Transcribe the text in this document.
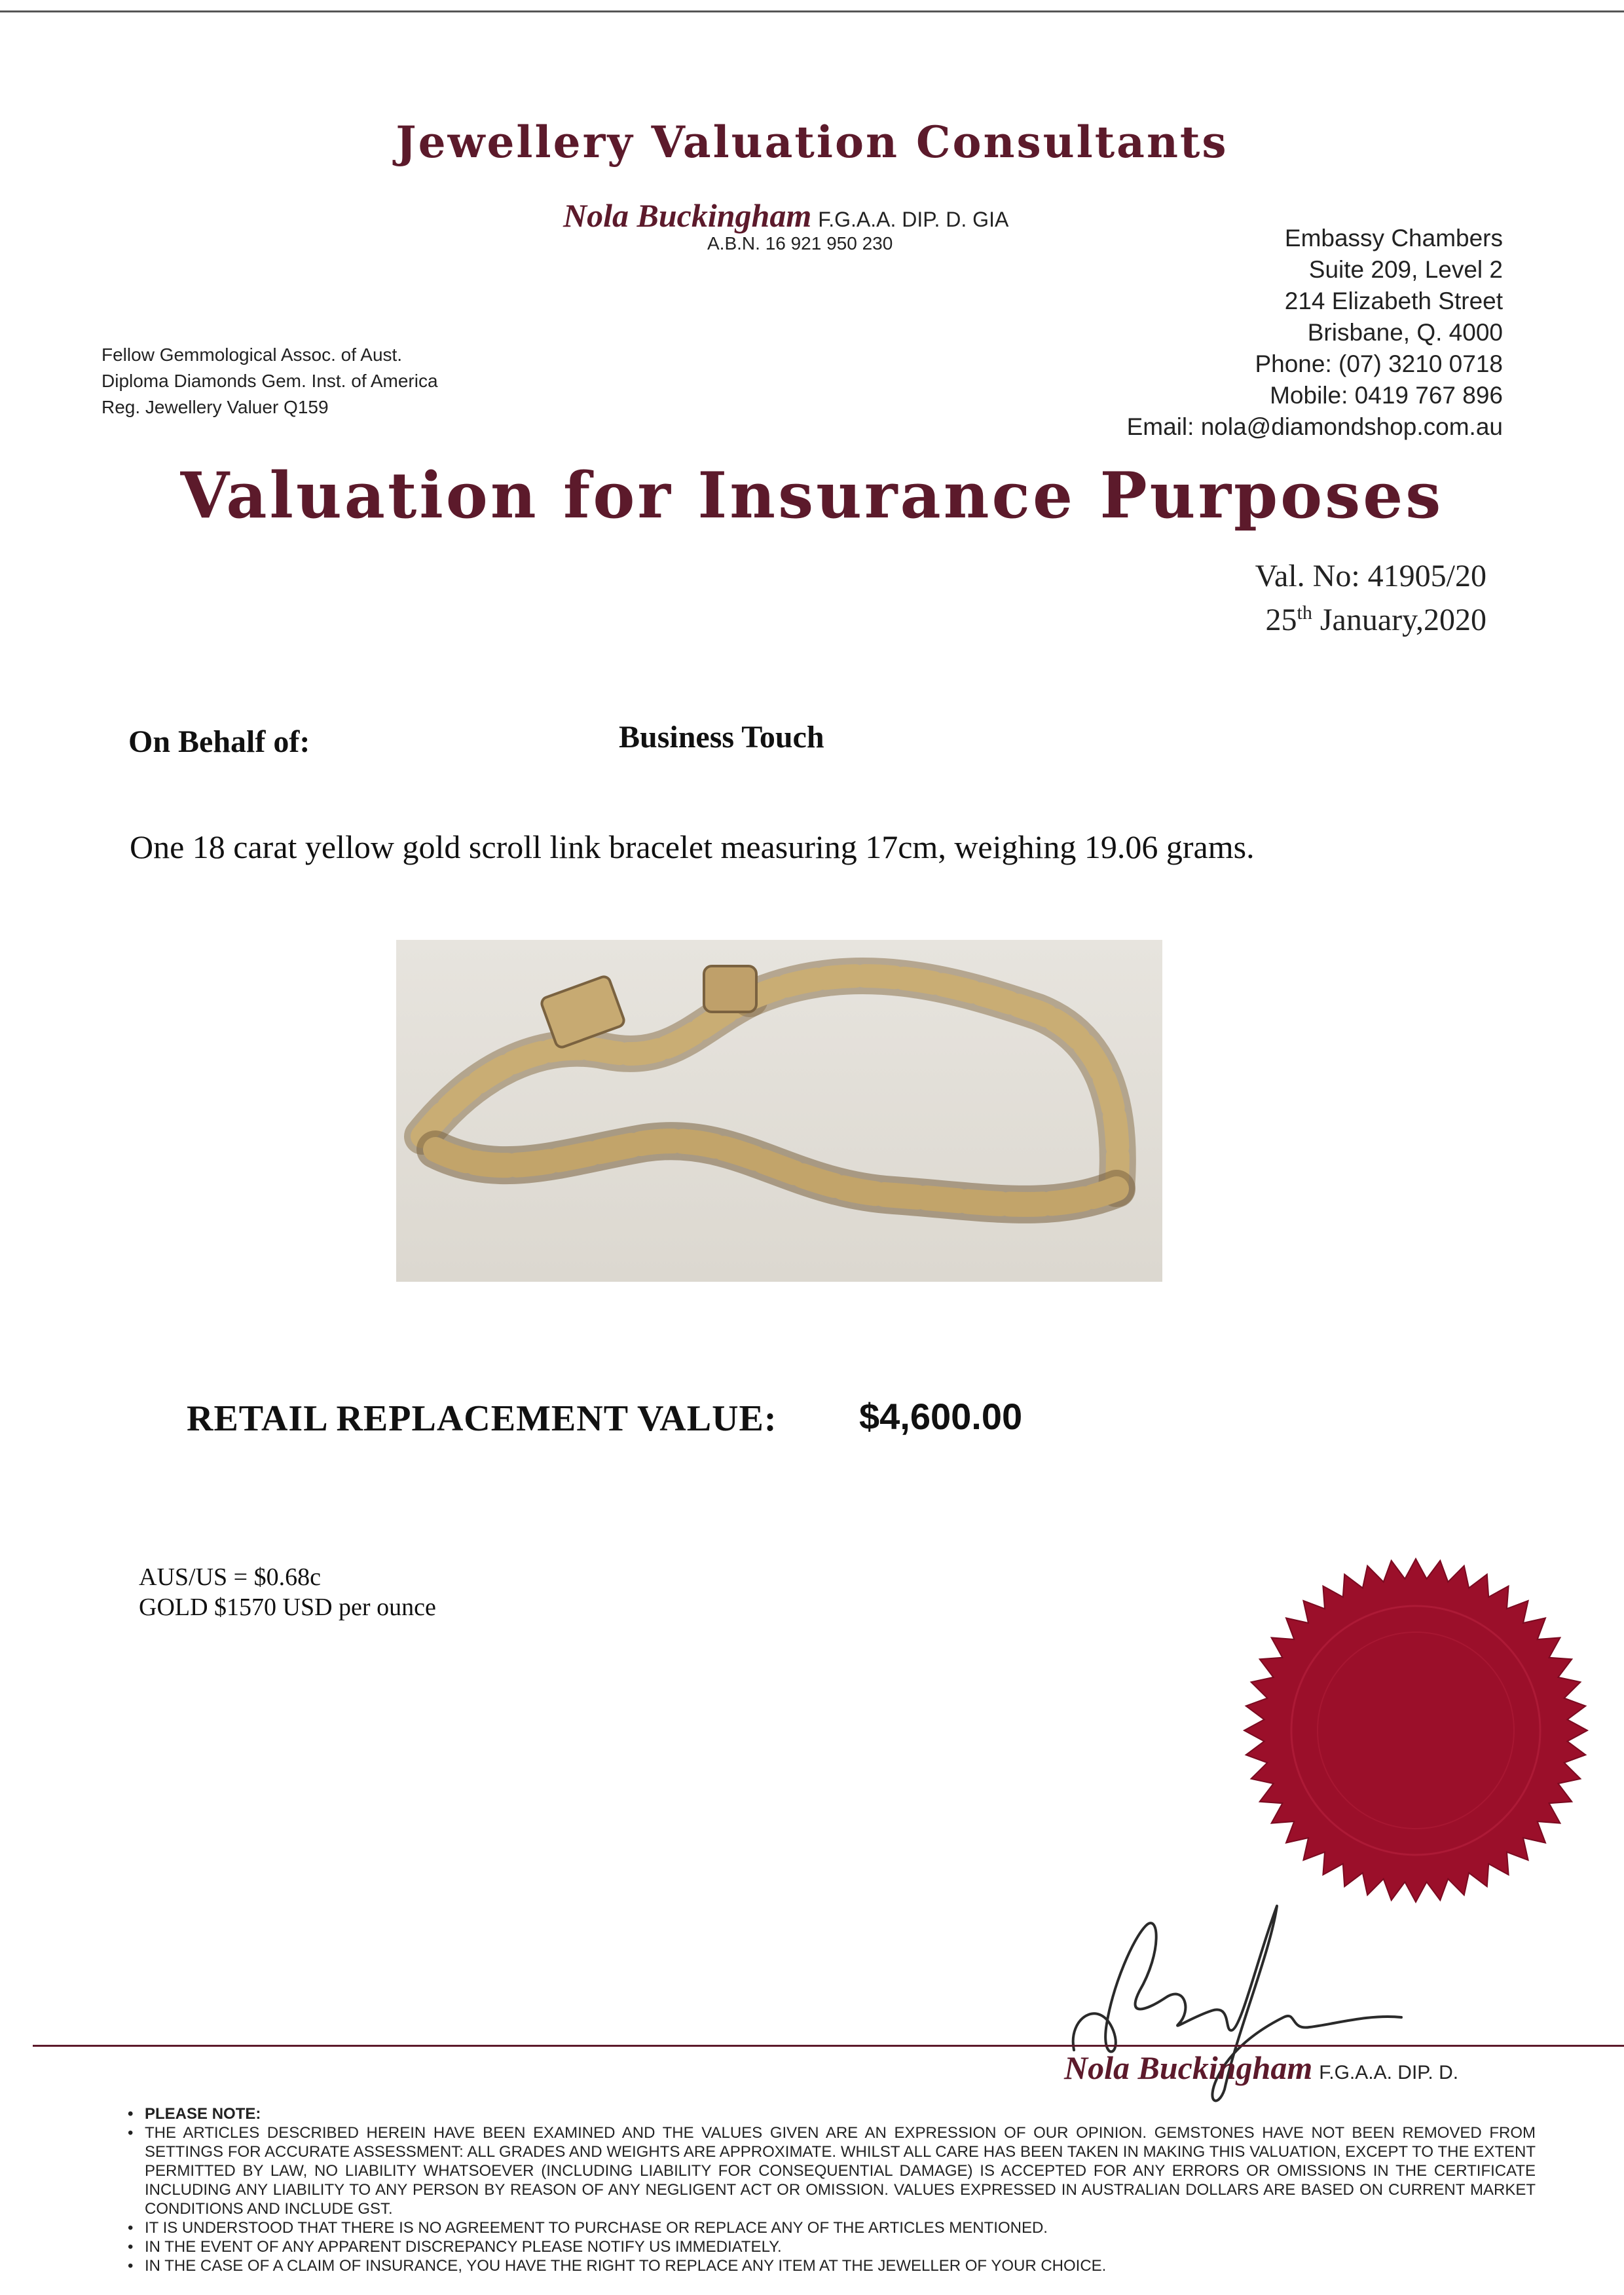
Jewellery Valuation Consultants
Nola Buckingham F.G.A.A. DIP. D. GIA
A.B.N. 16 921 950 230	Embassy Chambers
Suite 209, Level 2
214 Elizabeth Street
Brisbane, Q. 4000
Phone: (07) 3210 0718
Mobile: 0419 767 896
Email: nola@diamondshop.com.au
Fellow Gemmological Assoc. of Aust.
Diploma Diamonds Gem. Inst. of America
Reg. Jewellery Valuer Q159
Valuation for Insurance Purposes
Val. No: 41905/20
25th January,2020
On Behalf of:	Business Touch
One 18 carat yellow gold scroll link bracelet measuring 17cm, weighing 19.06 grams.
RETAIL REPLACEMENT VALUE: $4,600.00
AUS/US = $0.68c
GOLD $1570 USD per ounce
Nola Buckingham F.G.A.A. DIP. D.
• PLEASE NOTE:
• THE ARTICLES DESCRIBED HEREIN HAVE BEEN EXAMINED AND THE VALUES GIVEN ARE AN EXPRESSION OF OUR OPINION. GEMSTONES HAVE NOT BEEN REMOVED FROM SETTINGS FOR ACCURATE ASSESSMENT: ALL GRADES AND WEIGHTS ARE APPROXIMATE. WHILST ALL CARE HAS BEEN TAKEN IN MAKING THIS VALUATION, EXCEPT TO THE EXTENT PERMITTED BY LAW, NO LIABILITY WHATSOEVER (INCLUDING LIABILITY FOR CONSEQUENTIAL DAMAGE) IS ACCEPTED FOR ANY ERRORS OR OMISSIONS IN THE CERTIFICATE INCLUDING ANY LIABILITY TO ANY PERSON BY REASON OF ANY NEGLIGENT ACT OR OMISSION. VALUES EXPRESSED IN AUSTRALIAN DOLLARS ARE BASED ON CURRENT MARKET CONDITIONS AND INCLUDE GST.
• IT IS UNDERSTOOD THAT THERE IS NO AGREEMENT TO PURCHASE OR REPLACE ANY OF THE ARTICLES MENTIONED.
• IN THE EVENT OF ANY APPARENT DISCREPANCY PLEASE NOTIFY US IMMEDIATELY.
• IN THE CASE OF A CLAIM OF INSURANCE, YOU HAVE THE RIGHT TO REPLACE ANY ITEM AT THE JEWELLER OF YOUR CHOICE.
